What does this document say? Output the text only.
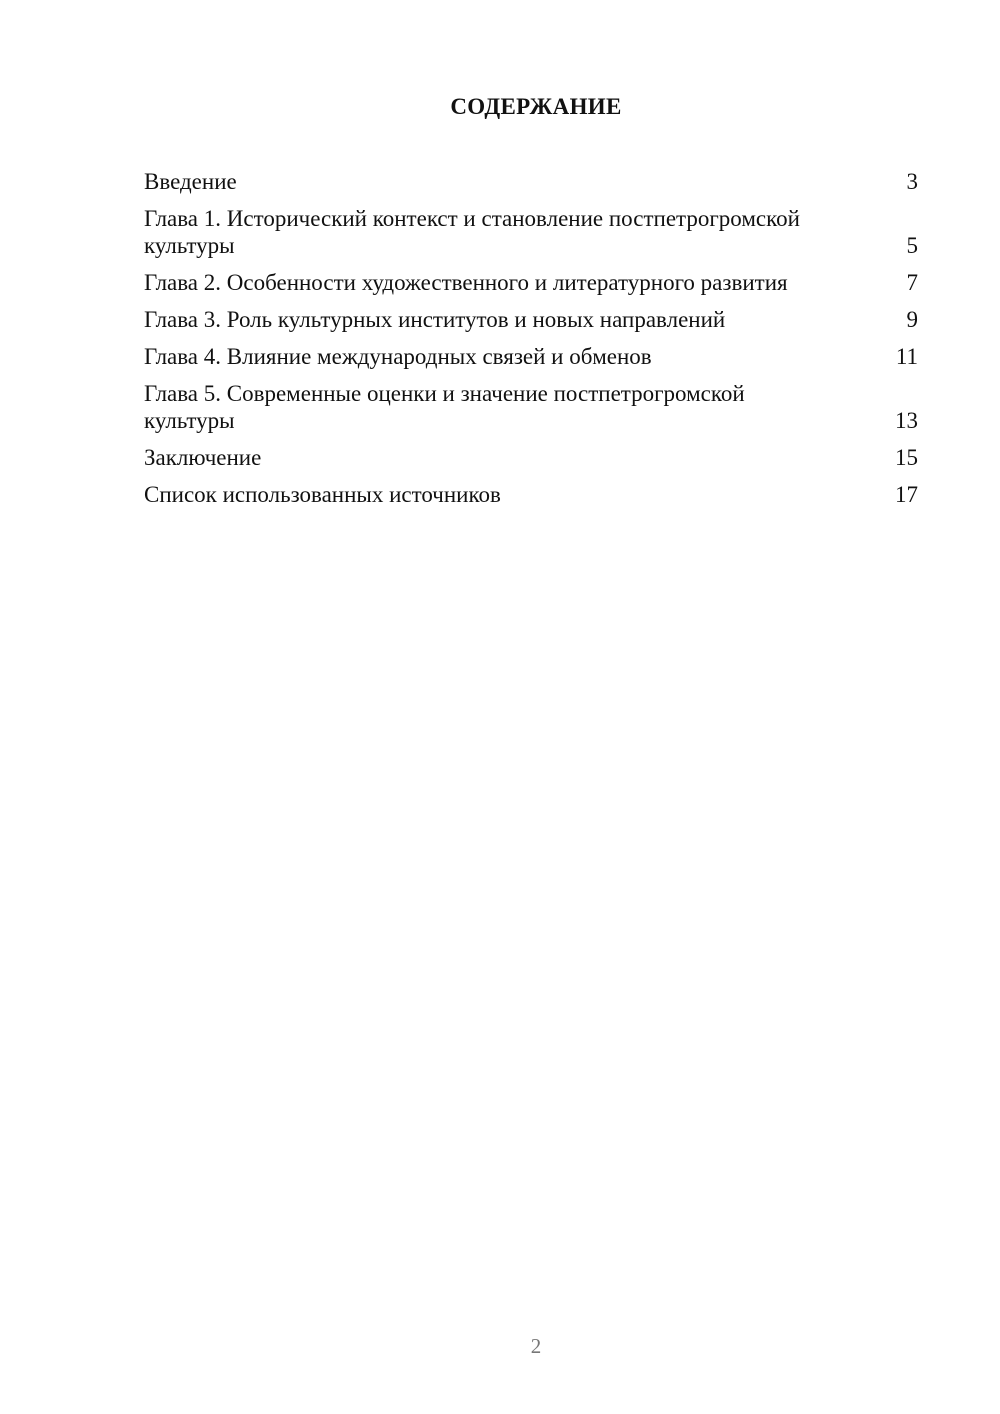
СОДЕРЖАНИЕ
Введение	3
Глава 1. Исторический контекст и становление постпетрогромской культуры	5
Глава 2. Особенности художественного и литературного развития	7
Глава 3. Роль культурных институтов и новых направлений	9
Глава 4. Влияние международных связей и обменов	11
Глава 5. Современные оценки и значение постпетрогромской культуры	13
Заключение	15
Список использованных источников	17
2
